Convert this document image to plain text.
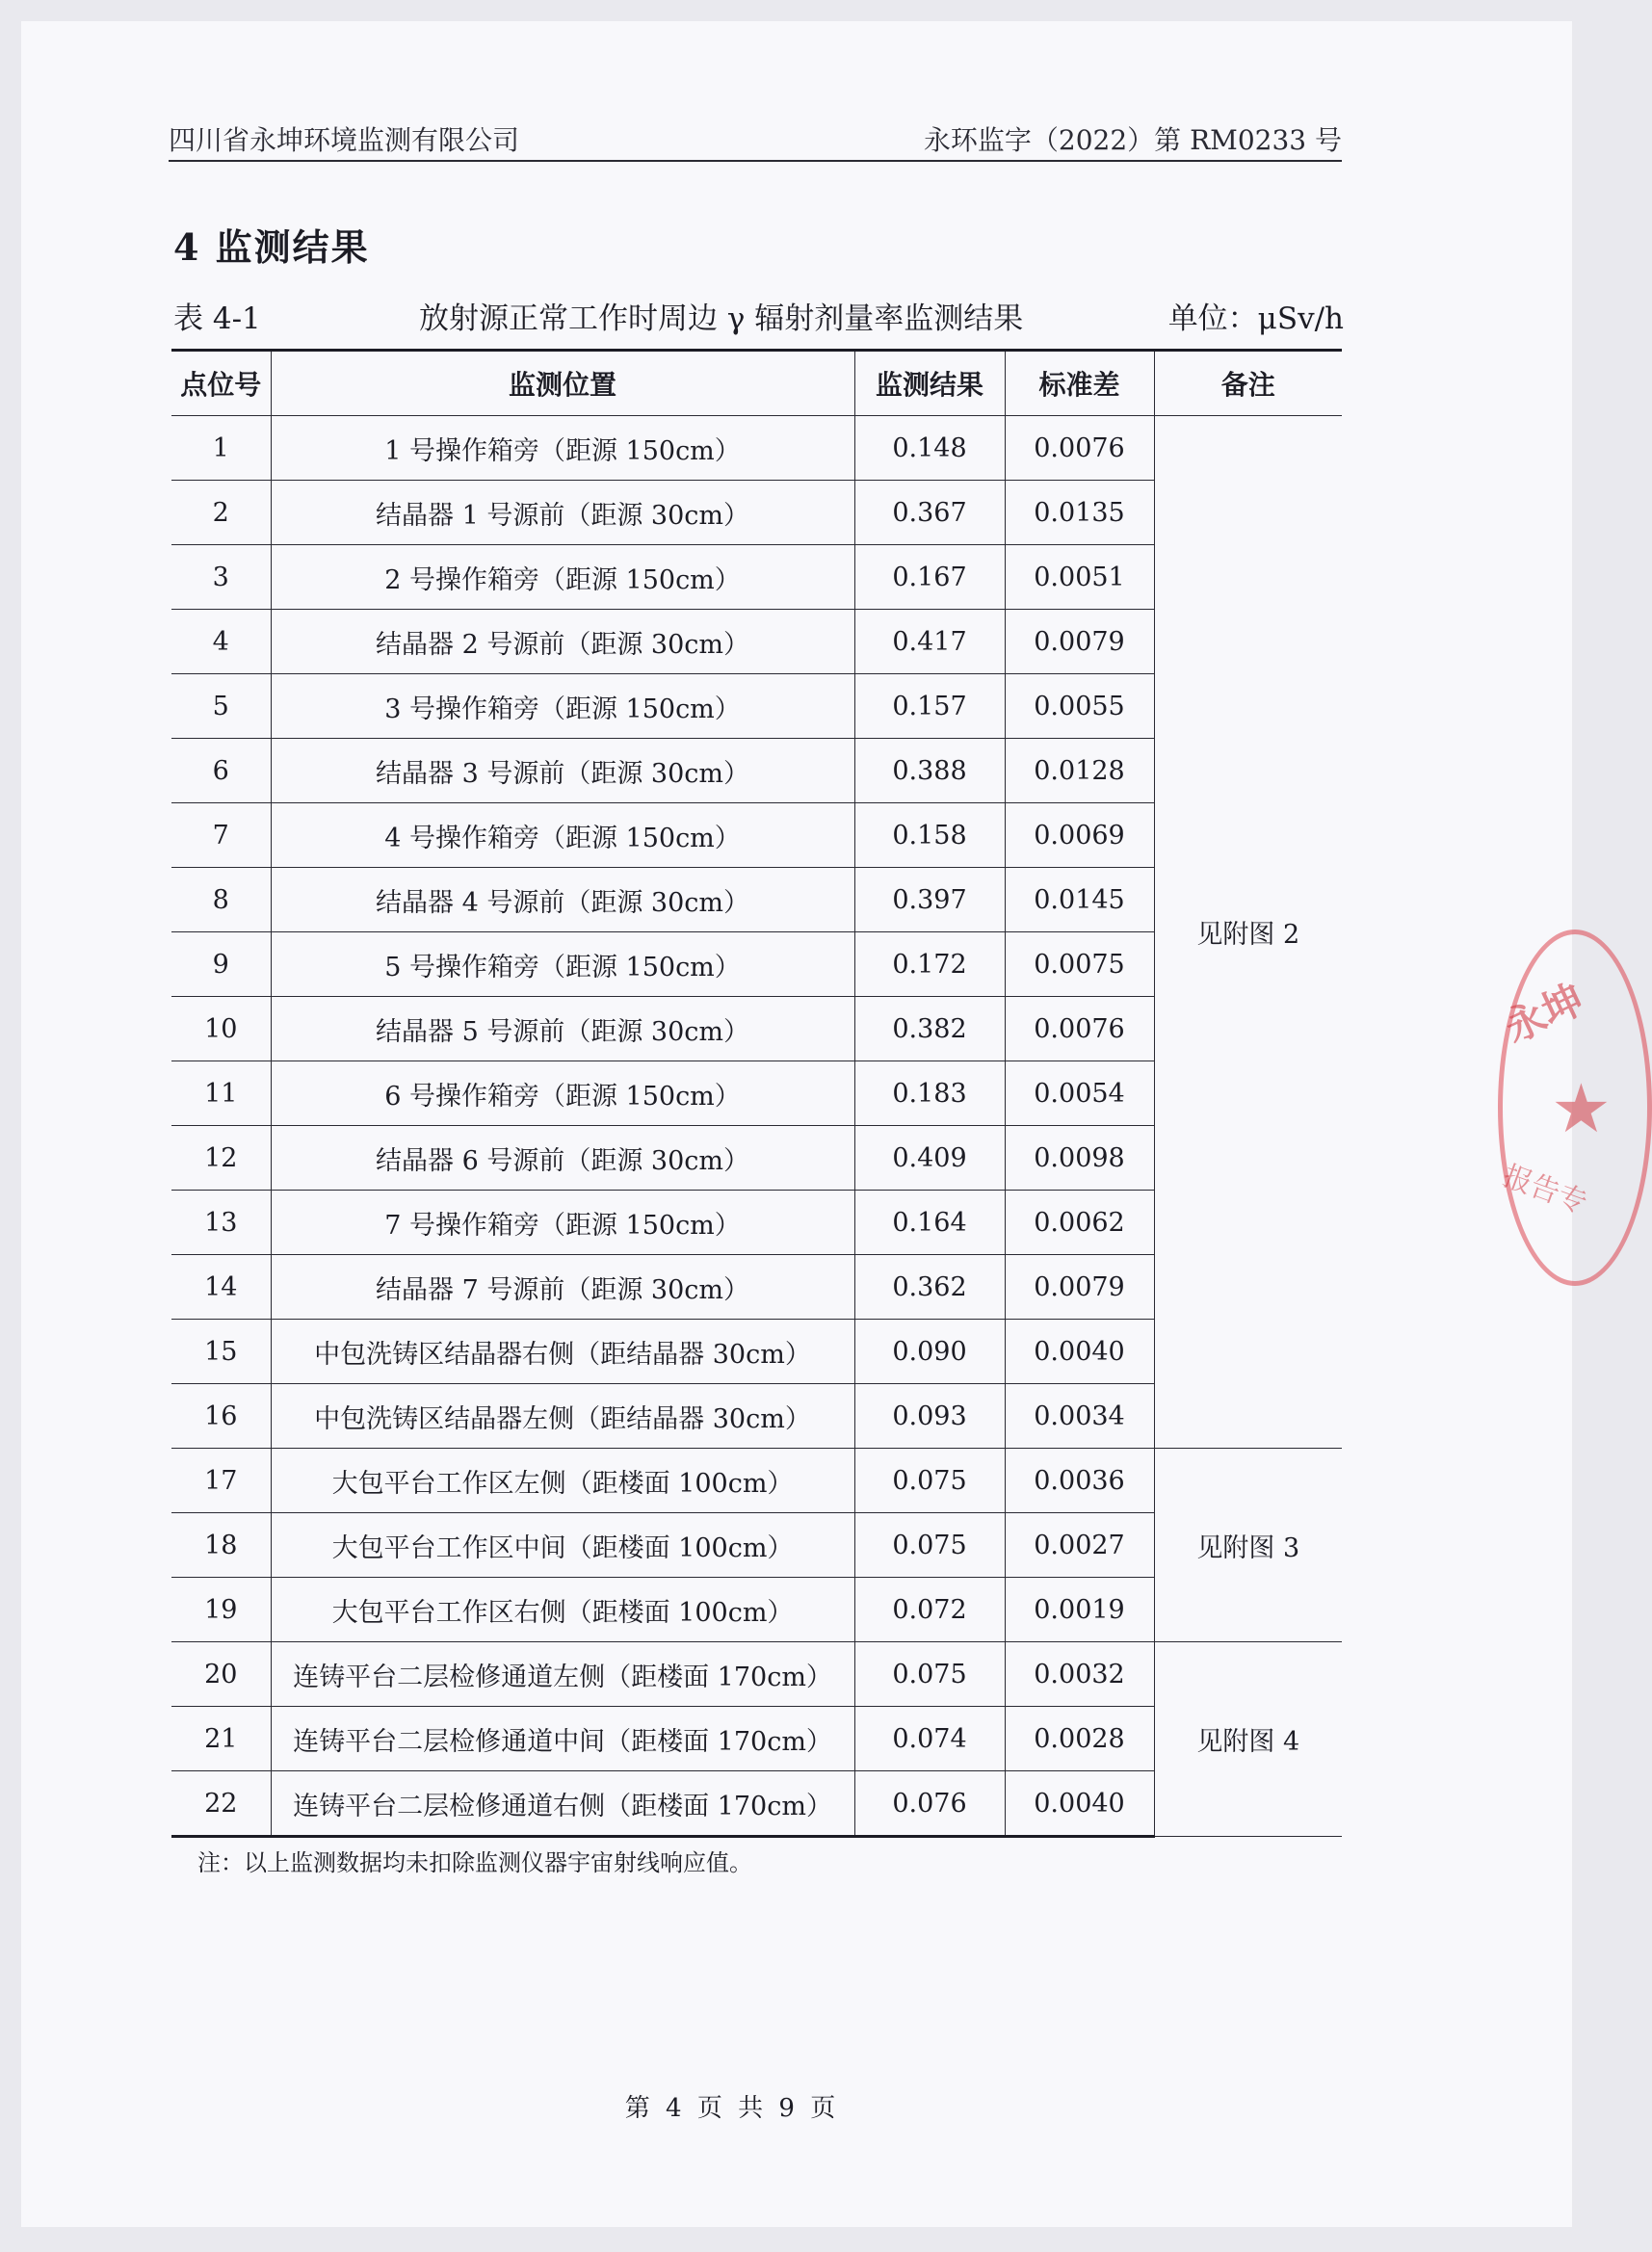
四川省永坤环境监测有限公司	永环监字（2022）第 RM0233 号
4 监测结果
表 4-1	放射源正常工作时周边 γ 辐射剂量率监测结果	单位：μSv/h
点位号	监测位置	监测结果	标准差	备注
1	1 号操作箱旁（距源 150cm）	0.148	0.0076	见附图 2
2	结晶器 1 号源前（距源 30cm）	0.367	0.0135	
3	2 号操作箱旁（距源 150cm）	0.167	0.0051	
4	结晶器 2 号源前（距源 30cm）	0.417	0.0079	
5	3 号操作箱旁（距源 150cm）	0.157	0.0055	
6	结晶器 3 号源前（距源 30cm）	0.388	0.0128	
7	4 号操作箱旁（距源 150cm）	0.158	0.0069	
8	结晶器 4 号源前（距源 30cm）	0.397	0.0145	
9	5 号操作箱旁（距源 150cm）	0.172	0.0075	
10	结晶器 5 号源前（距源 30cm）	0.382	0.0076	
11	6 号操作箱旁（距源 150cm）	0.183	0.0054	
12	结晶器 6 号源前（距源 30cm）	0.409	0.0098	
13	7 号操作箱旁（距源 150cm）	0.164	0.0062	
14	结晶器 7 号源前（距源 30cm）	0.362	0.0079	
15	中包洗铸区结晶器右侧（距结晶器 30cm）	0.090	0.0040	
16	中包洗铸区结晶器左侧（距结晶器 30cm）	0.093	0.0034	
17	大包平台工作区左侧（距楼面 100cm）	0.075	0.0036	见附图 3
18	大包平台工作区中间（距楼面 100cm）	0.075	0.0027	
19	大包平台工作区右侧（距楼面 100cm）	0.072	0.0019	
20	连铸平台二层检修通道左侧（距楼面 170cm）	0.075	0.0032	见附图 4
21	连铸平台二层检修通道中间（距楼面 170cm）	0.074	0.0028	
22	连铸平台二层检修通道右侧（距楼面 170cm）	0.076	0.0040	
注：以上监测数据均未扣除监测仪器宇宙射线响应值。
第 4 页 共 9 页
永坤
★
报告专
